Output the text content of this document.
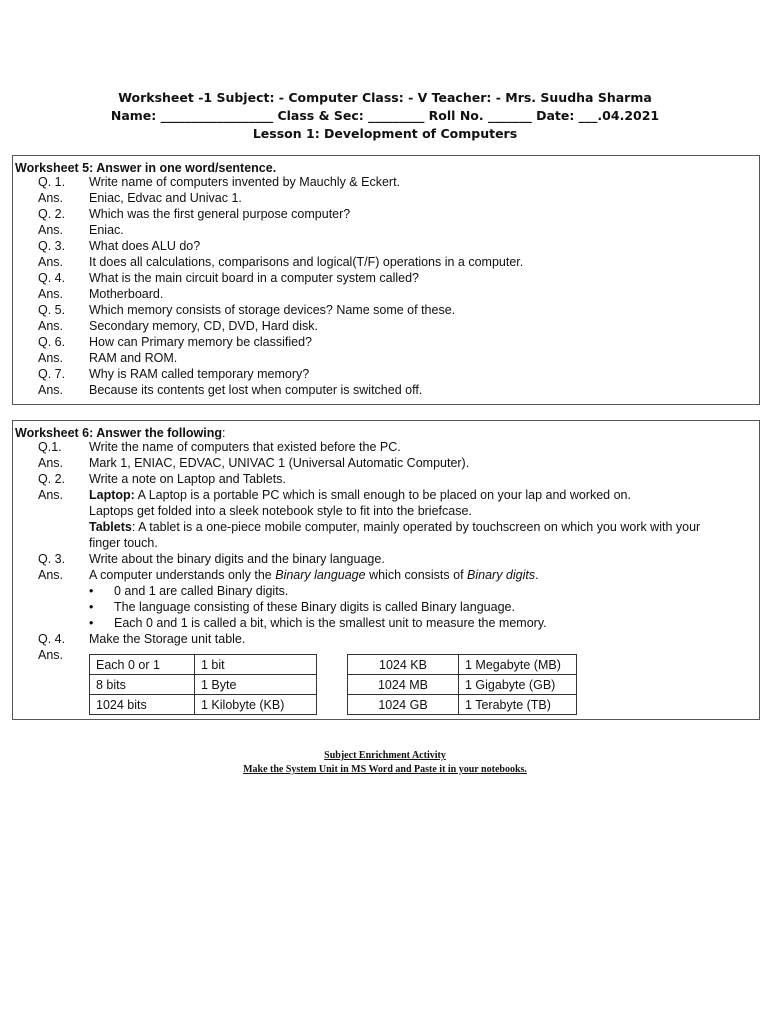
Worksheet -1 Subject: - Computer Class: - V Teacher: - Mrs. Suudha Sharma
Name: __________________ Class & Sec: _________ Roll No. _______ Date: ___.04.2021
Lesson 1: Development of Computers
Worksheet 5: Answer in one word/sentence.
Q. 1. Write name of computers invented by Mauchly & Eckert.
Ans. Eniac, Edvac and Univac 1.
Q. 2. Which was the first general purpose computer?
Ans. Eniac.
Q. 3. What does ALU do?
Ans. It does all calculations, comparisons and logical(T/F) operations in a computer.
Q. 4. What is the main circuit board in a computer system called?
Ans. Motherboard.
Q. 5. Which memory consists of storage devices? Name some of these.
Ans. Secondary memory, CD, DVD, Hard disk.
Q. 6. How can Primary memory be classified?
Ans. RAM and ROM.
Q. 7. Why is RAM called temporary memory?
Ans. Because its contents get lost when computer is switched off.
Worksheet 6: Answer the following:
Q.1. Write the name of computers that existed before the PC.
Ans. Mark 1, ENIAC, EDVAC, UNIVAC 1 (Universal Automatic Computer).
Q. 2. Write a note on Laptop and Tablets.
Ans. Laptop: A Laptop is a portable PC which is small enough to be placed on your lap and worked on.
Laptops get folded into a sleek notebook style to fit into the briefcase.
Tablets: A tablet is a one-piece mobile computer, mainly operated by touchscreen on which you work with your
finger touch.
Q. 3. Write about the binary digits and the binary language.
Ans. A computer understands only the Binary language which consists of Binary digits.
• 0 and 1 are called Binary digits.
• The language consisting of these Binary digits is called Binary language.
• Each 0 and 1 is called a bit, which is the smallest unit to measure the memory.
Q. 4. Make the Storage unit table.
Ans.
Each 0 or 1	1 bit
8 bits	1 Byte
1024 bits	1 Kilobyte (KB)
1024 KB	1 Megabyte (MB)
1024 MB	1 Gigabyte (GB)
1024 GB	1 Terabyte (TB)
Subject Enrichment Activity
Make the System Unit in MS Word and Paste it in your notebooks.
